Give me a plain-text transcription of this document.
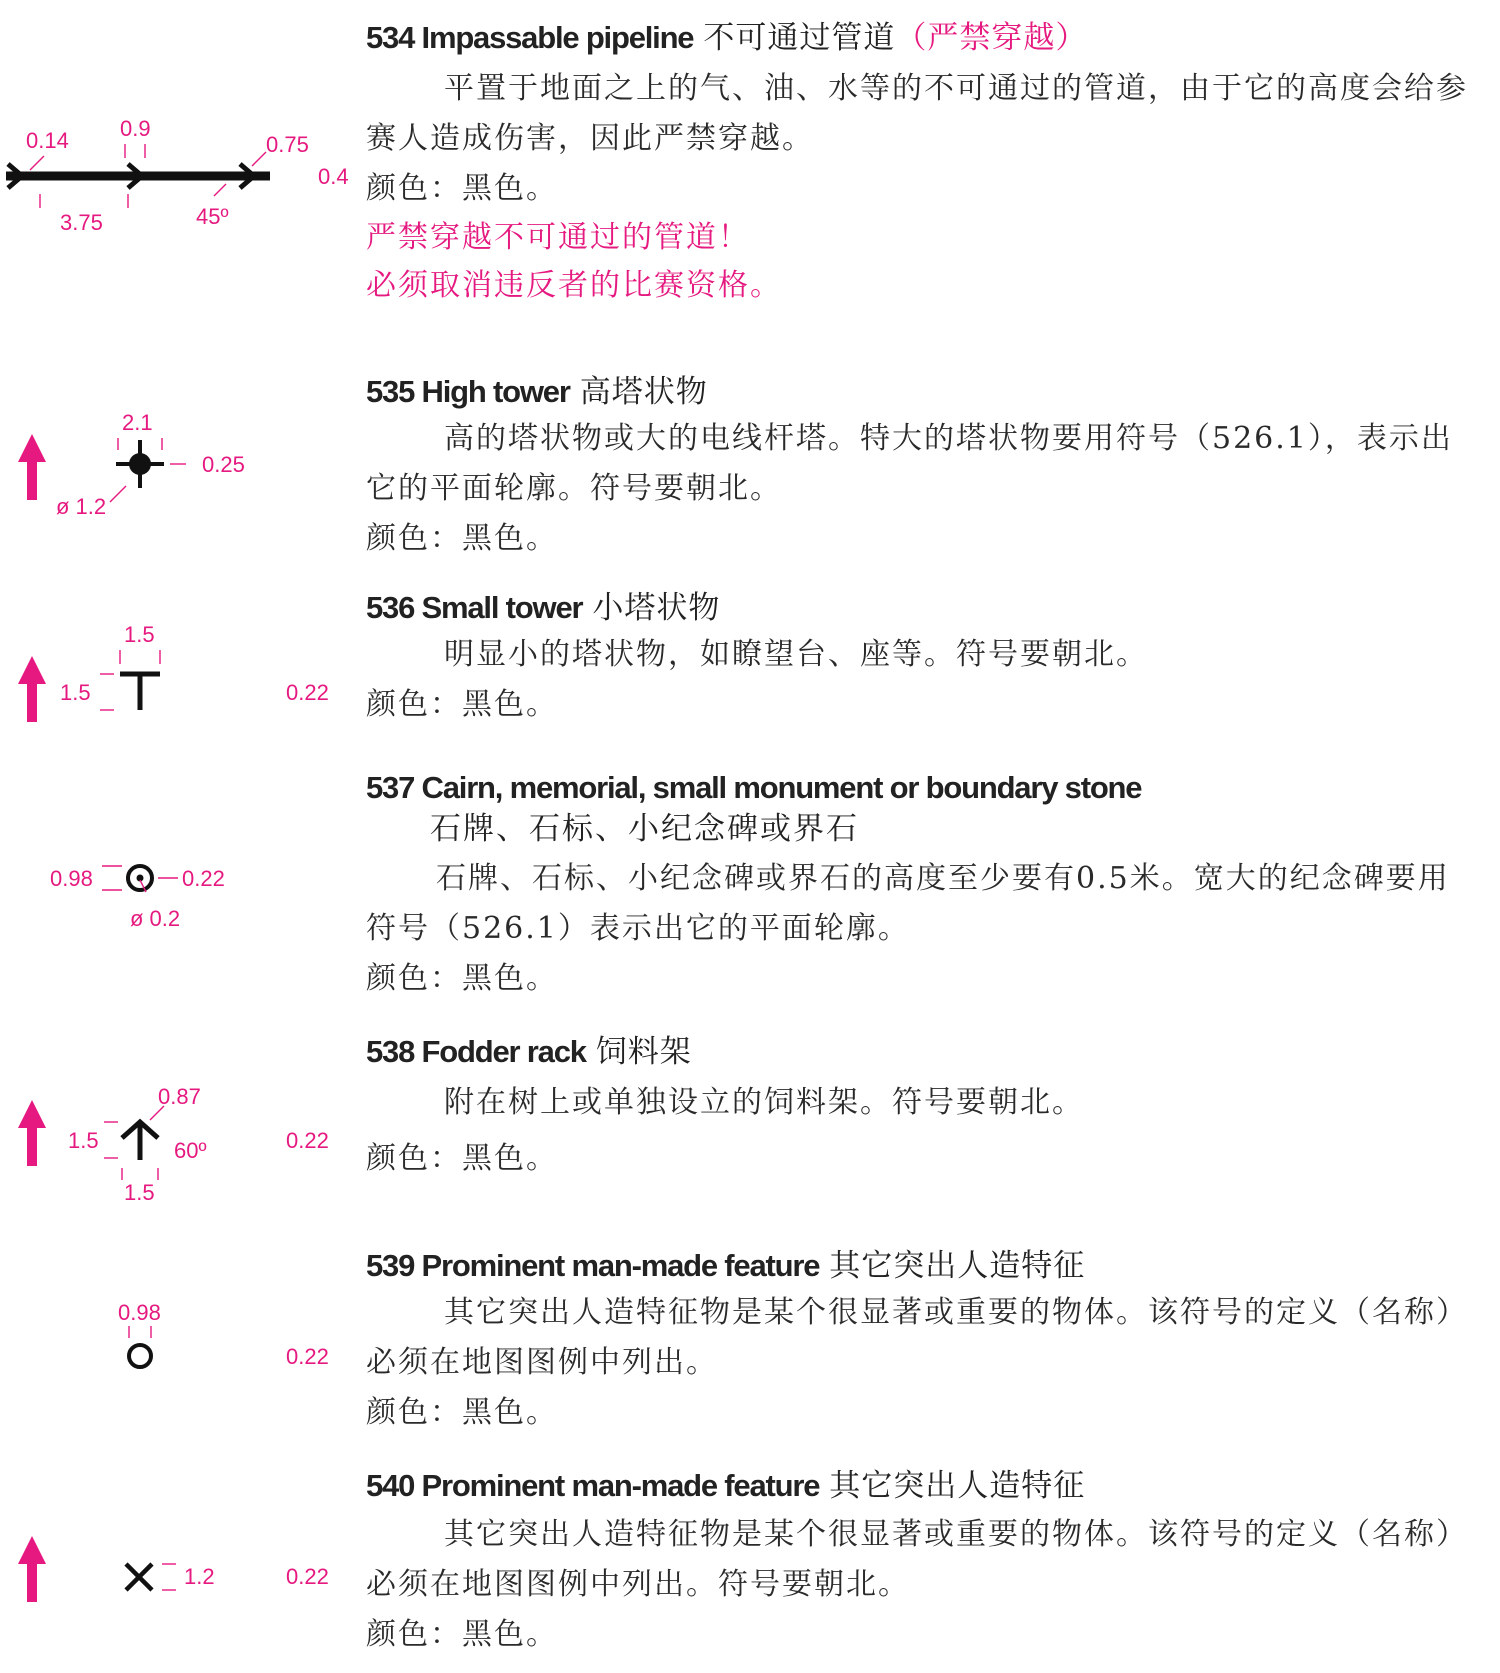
0.14 0.9
0.75
0.4
3.75	45º
534 Impassable pipeline 不可通过管道（严禁穿越）

平置于地面之上的气、油、水等的不可通过的管道，由于它的高度会给参赛人造成伤害，因此严禁穿越。

颜色：黑色。

严禁穿越不可通过的管道！

必须取消违反者的比赛资格。

2.1
0.25
ø 1.2
535 High tower 高塔状物

高的塔状物或大的电线杆塔。特大的塔状物要用符号（526.1），表示出它的平面轮廓。符号要朝北。

颜色：黑色。

1.5
1.5	0.22
536 Small tower 小塔状物

明显小的塔状物，如瞭望台、座等。符号要朝北。

颜色：黑色。

0.98	0.22
ø 0.2
537 Cairn, memorial, small monument or boundary stone
石牌、石标、小纪念碑或界石

石牌、石标、小纪念碑或界石的高度至少要有0.5米。宽大的纪念碑要用符号（526.1）表示出它的平面轮廓。

颜色：黑色。

0.87
1.5	60º
1.5
0.22
538 Fodder rack 饲料架

附在树上或单独设立的饲料架。符号要朝北。

颜色：黑色。

0.98
0.22
539 Prominent man-made feature 其它突出人造特征

其它突出人造特征物是某个很显著或重要的物体。该符号的定义（名称）必须在地图图例中列出。

颜色：黑色。

1.2	0.22
540 Prominent man-made feature 其它突出人造特征

其它突出人造特征物是某个很显著或重要的物体。该符号的定义（名称）必须在地图图例中列出。符号要朝北。

颜色：黑色。
